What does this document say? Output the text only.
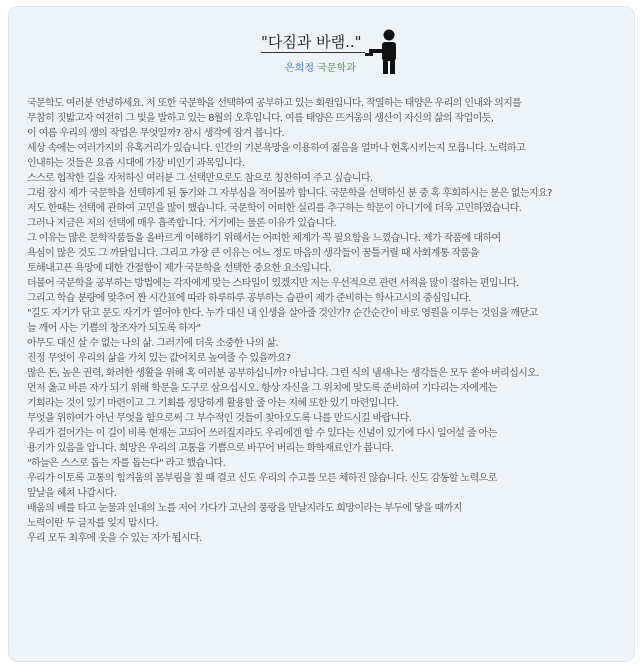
"다짐과 바램.."
은희정 국문학과
국문학도 여러분 안녕하세요. 저 또한 국문학을 선택하여 공부하고 있는 회원입니다. 작열하는 태양은 우리의 인내와 의지를
무참히 짓밟고자 여전히 그 빛을 발하고 있는 8월의 오후입니다. 여름 태양은 뜨거움의 생산이 자신의 삶의 작업이듯,
이 여름 우리의 생의 작업은 무엇일까? 잠시 생각에 잠겨 봅니다.
세상 속에는 여러가지의 유혹거리가 있습니다. 인간의 기본욕망을 이용하여 젊음을 얼마나 현혹시키는지 모릅니다. 노력하고
인내하는 것들은 요즘 시대에 가장 비인기 과목입니다.
스스로 험작한 길을 자처하신 여러분 그 선택만으로도 참으로 칭찬하여 주고 싶습니다.
그럼 잠시 제가 국문학을 선택하게 된 동기와 그 자부심을 적어볼까 합니다. 국문학을 선택하신 분 중 혹 후회하시는 분은 없는지요?
저도 한때는 선택에 관하여 고민을 많이 했습니다. 국문학이 어떠한 실리를 추구하는 학문이 아니기에 더욱 고민하였습니다.
그러나 지금은 저의 선택에 매우 흡족합니다. 거기에는 물론 이유가 있습니다.
그 이유는 많은 문학작품들을 올바르게 이해하기 위해서는 어떠한 체계가 꼭 필요함을 느꼈습니다. 제가 작품에 대하여
욕심이 많은 것도 그 까닭입니다. 그리고 가장 큰 이유는 어느 정도 마음의 생각들이 꿈틀거릴 때 사회계통 작품을
토해내고픈 욕망에 대한 간절함이 제가 국문학을 선택한 중요한 요소입니다.
더불어 국문학을 공부하는 방법에는 각자에게 맞는 스타일이 있겠지만 저는 우선적으로 관련 서적을 많이 접하는 편입니다.
그리고 학습 분량에 맞추어 짠 시간표에 따라 하루하루 공부하는 습관이 제가 준비하는 학사고시의 중심입니다.
"길도 자기가 닦고 문도 자기가 열어야 한다. 누가 대신 내 인생을 살아줄 것인가? 순간순간이 바로 영원을 이루는 것임을 깨닫고
늘 깨어 사는 기쁨의 창조자가 되도록 하자"
아무도 대신 살 수 없는 나의 삶. 그러기에 더욱 소중한 나의 삶.
진정 무엇이 우리의 삶을 가치 있는 값어치로 높여줄 수 있을까요?
많은 돈, 높은 권력, 화려한 생활을 위해 혹 여러분 공부하십니까? 아닙니다. 그런 식의 냄새나는 생각들은 모두 쏟아 버리십시오.
먼저 옳고 바른 자가 되기 위해 학문을 도구로 삼으십시오. 항상 자신을 그 위치에 맞도록 준비하여 기다리는 자에게는
기회라는 것이 있기 마련이고 그 기회를 정당하게 활용할 줄 아는 지혜 또한 있기 마련입니다.
무엇을 위하여가 아닌 무엇을 함으로써 그 부수적인 것들이 찾아오도록 나를 만드시길 바랍니다.
우리가 걸어가는 이 길이 비록 현재는 고되어 쓰러질지라도 우리에겐 할 수 있다는 신념이 있기에 다시 일어설 줄 아는
용기가 있음을 압니다. 희망은 우리의 고통을 기쁨으로 바꾸어 버리는 화학재료인가 봅니다.
"하늘은 스스로 돕는 자를 돕는다" 라고 했습니다.
우리가 이토록 고통의 힘겨움의 몸부림을 칠 때 결코 신도 우리의 수고를 모른 체하진 않습니다. 신도 감동할 노력으로
앞날을 헤쳐 나갑시다.
배움의 배를 타고 눈물과 인내의 노를 저어 가다가 고난의 풍랑을 만날지라도 희망이라는 부두에 닿을 때까지
노력이란 두 글자를 잊지 맙시다.
우리 모두 최후에 웃을 수 있는 자가 됩시다.
